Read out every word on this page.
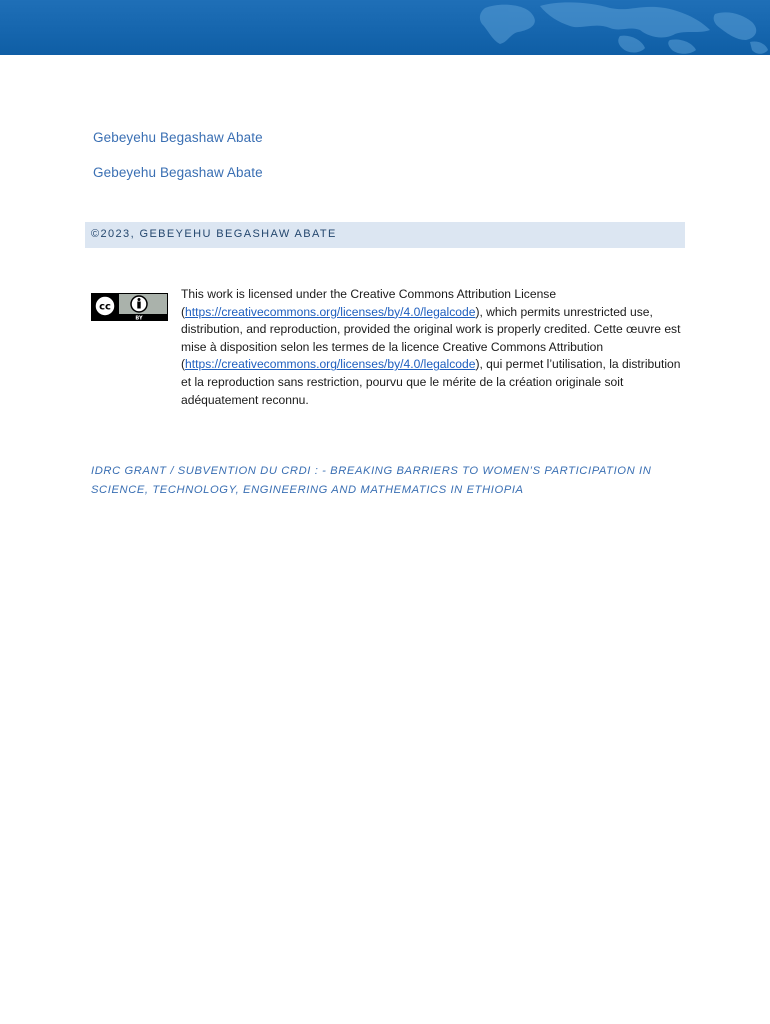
Gebeyehu Begashaw Abate
Gebeyehu Begashaw Abate
©2023, GEBEYEHU BEGASHAW ABATE
cc
BY
This work is licensed under the Creative Commons Attribution License (https://creativecommons.org/licenses/by/4.0/legalcode), which permits unrestricted use, distribution, and reproduction, provided the original work is properly credited. Cette œuvre est mise à disposition selon les termes de la licence Creative Commons Attribution (https://creativecommons.org/licenses/by/4.0/legalcode), qui permet l’utilisation, la distribution et la reproduction sans restriction, pourvu que le mérite de la création originale soit adéquatement reconnu.
IDRC GRANT / SUBVENTION DU CRDI : - BREAKING BARRIERS TO WOMEN’S PARTICIPATION IN SCIENCE, TECHNOLOGY, ENGINEERING AND MATHEMATICS IN ETHIOPIA
